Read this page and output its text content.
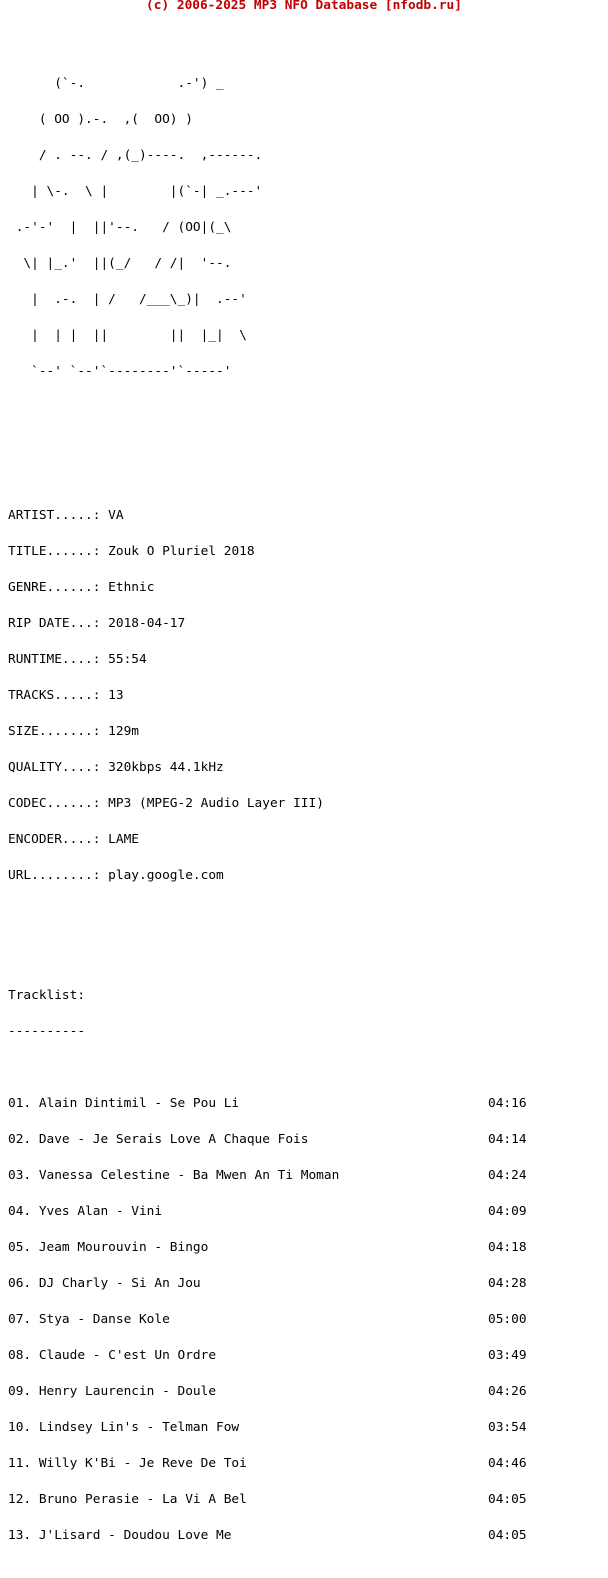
(c) 2006-2025 MP3 NFO Database [nfodb.ru]

(`-.            .-') _

( OO ).-.  ,(  OO) )

/ . --. / ,(_)----.  ,------.

| \-.  \ |        |(`-| _.---'

.-'-'  |  ||'--.   / (OO|(_\

\| |_.'  ||(_/   / /|  '--.

|  .-.  | /   /___\_)|  .--'

|  | |  ||        ||  |_|  \

`--' `--'`--------'`-----'

ARTIST.....: VA

TITLE......: Zouk O Pluriel 2018

GENRE......: Ethnic

RIP DATE...: 2018-04-17

RUNTIME....: 55:54

TRACKS.....: 13

SIZE.......: 129m

QUALITY....: 320kbps 44.1kHz

CODEC......: MP3 (MPEG-2 Audio Layer III)

ENCODER....: LAME

URL........: play.google.com

Tracklist:

----------

01. Alain Dintimil - Se Pou Li	04:16

02. Dave - Je Serais Love A Chaque Fois	04:14

03. Vanessa Celestine - Ba Mwen An Ti Moman	04:24

04. Yves Alan - Vini	04:09

05. Jeam Mourouvin - Bingo	04:18

06. DJ Charly - Si An Jou	04:28

07. Stya - Danse Kole	05:00

08. Claude - C'est Un Ordre	03:49

09. Henry Laurencin - Doule	04:26

10. Lindsey Lin's - Telman Fow	03:54

11. Willy K'Bi - Je Reve De Toi	04:46

12. Bruno Perasie - La Vi A Bel	04:05

13. J'Lisard - Doudou Love Me	04:05
